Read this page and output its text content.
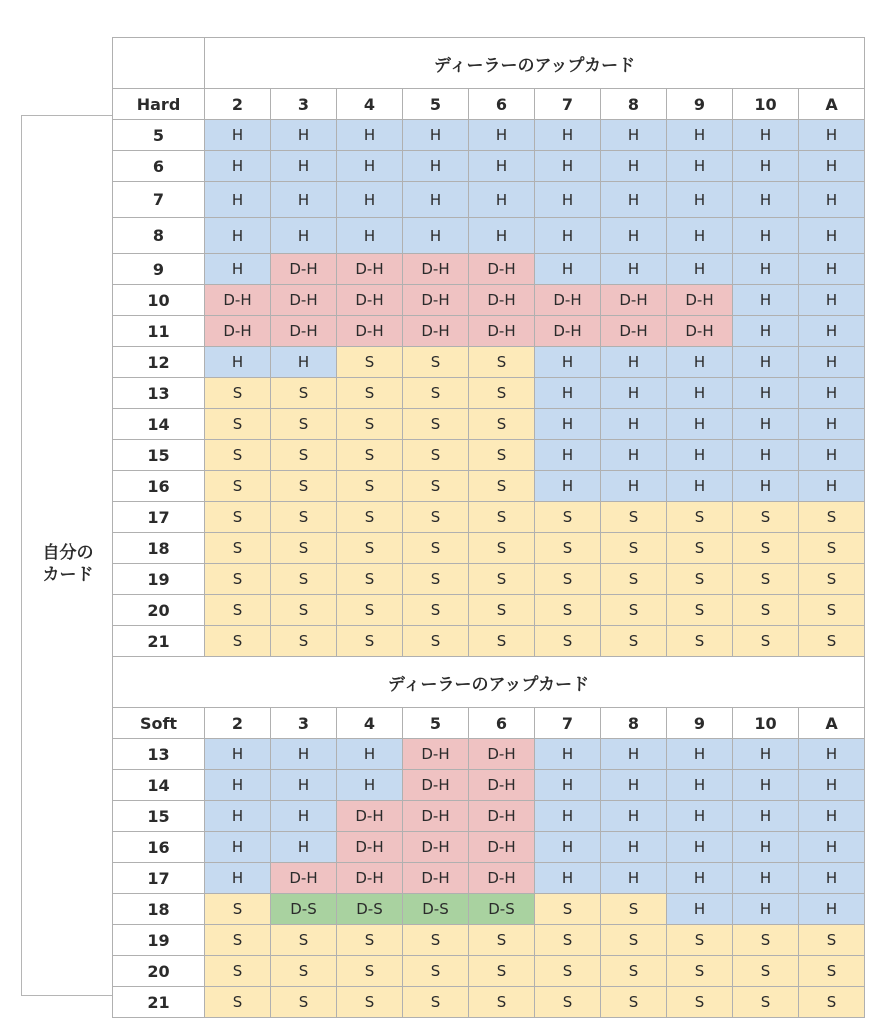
自分の
カード
	ディーラーのアップカード									
Hard	2	3	4	5	6	7	8	9	10	A
5	H	H	H	H	H	H	H	H	H	H
6	H	H	H	H	H	H	H	H	H	H
7	H	H	H	H	H	H	H	H	H	H
8	H	H	H	H	H	H	H	H	H	H
9	H	D-H	D-H	D-H	D-H	H	H	H	H	H
10	D-H	D-H	D-H	D-H	D-H	D-H	D-H	D-H	H	H
11	D-H	D-H	D-H	D-H	D-H	D-H	D-H	D-H	H	H
12	H	H	S	S	S	H	H	H	H	H
13	S	S	S	S	S	H	H	H	H	H
14	S	S	S	S	S	H	H	H	H	H
15	S	S	S	S	S	H	H	H	H	H
16	S	S	S	S	S	H	H	H	H	H
17	S	S	S	S	S	S	S	S	S	S
18	S	S	S	S	S	S	S	S	S	S
19	S	S	S	S	S	S	S	S	S	S
20	S	S	S	S	S	S	S	S	S	S
21	S	S	S	S	S	S	S	S	S	S
ディーラーのアップカード										
Soft	2	3	4	5	6	7	8	9	10	A
13	H	H	H	D-H	D-H	H	H	H	H	H
14	H	H	H	D-H	D-H	H	H	H	H	H
15	H	H	D-H	D-H	D-H	H	H	H	H	H
16	H	H	D-H	D-H	D-H	H	H	H	H	H
17	H	D-H	D-H	D-H	D-H	H	H	H	H	H
18	S	D-S	D-S	D-S	D-S	S	S	H	H	H
19	S	S	S	S	S	S	S	S	S	S
20	S	S	S	S	S	S	S	S	S	S
21	S	S	S	S	S	S	S	S	S	S
